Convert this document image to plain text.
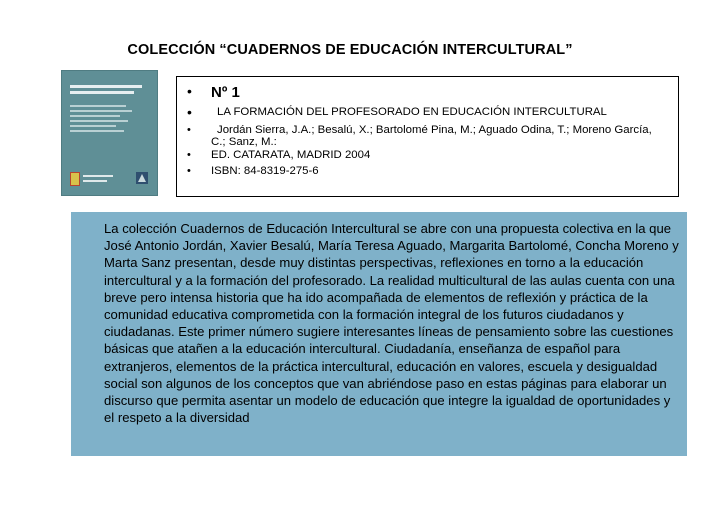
COLECCIÓN “CUADERNOS DE EDUCACIÓN INTERCULTURAL”
• Nº 1
• LA FORMACIÓN DEL PROFESORADO EN EDUCACIÓN INTERCULTURAL
•	Jordán Sierra, J.A.; Besalú, X.; Bartolomé Pina, M.; Aguado Odina, T.; Moreno García, C.; Sanz, M.:
• ED. CATARATA, MADRID 2004
• ISBN: 84-8319-275-6

La colección Cuadernos de Educación Intercultural se abre con una propuesta colectiva en la que José Antonio Jordán, Xavier Besalú, María Teresa Aguado, Margarita Bartolomé, Concha Moreno y Marta Sanz presentan, desde muy distintas perspectivas, reflexiones en torno a la educación intercultural y a la formación del profesorado. La realidad multicultural de las aulas cuenta con una breve pero intensa historia que ha ido acompañada de elementos de reflexión y práctica de la comunidad educativa comprometida con la formación integral de los futuros ciudadanos y ciudadanas. Este primer número sugiere interesantes líneas de pensamiento sobre las cuestiones básicas que atañen a la educación intercultural. Ciudadanía, enseñanza de español para extranjeros, elementos de la práctica intercultural, educación en valores, escuela y desigualdad social son algunos de los conceptos que van abriéndose paso en estas páginas para elaborar un discurso que permita asentar un modelo de educación que integre la igualdad de oportunidades y el respeto a la diversidad
